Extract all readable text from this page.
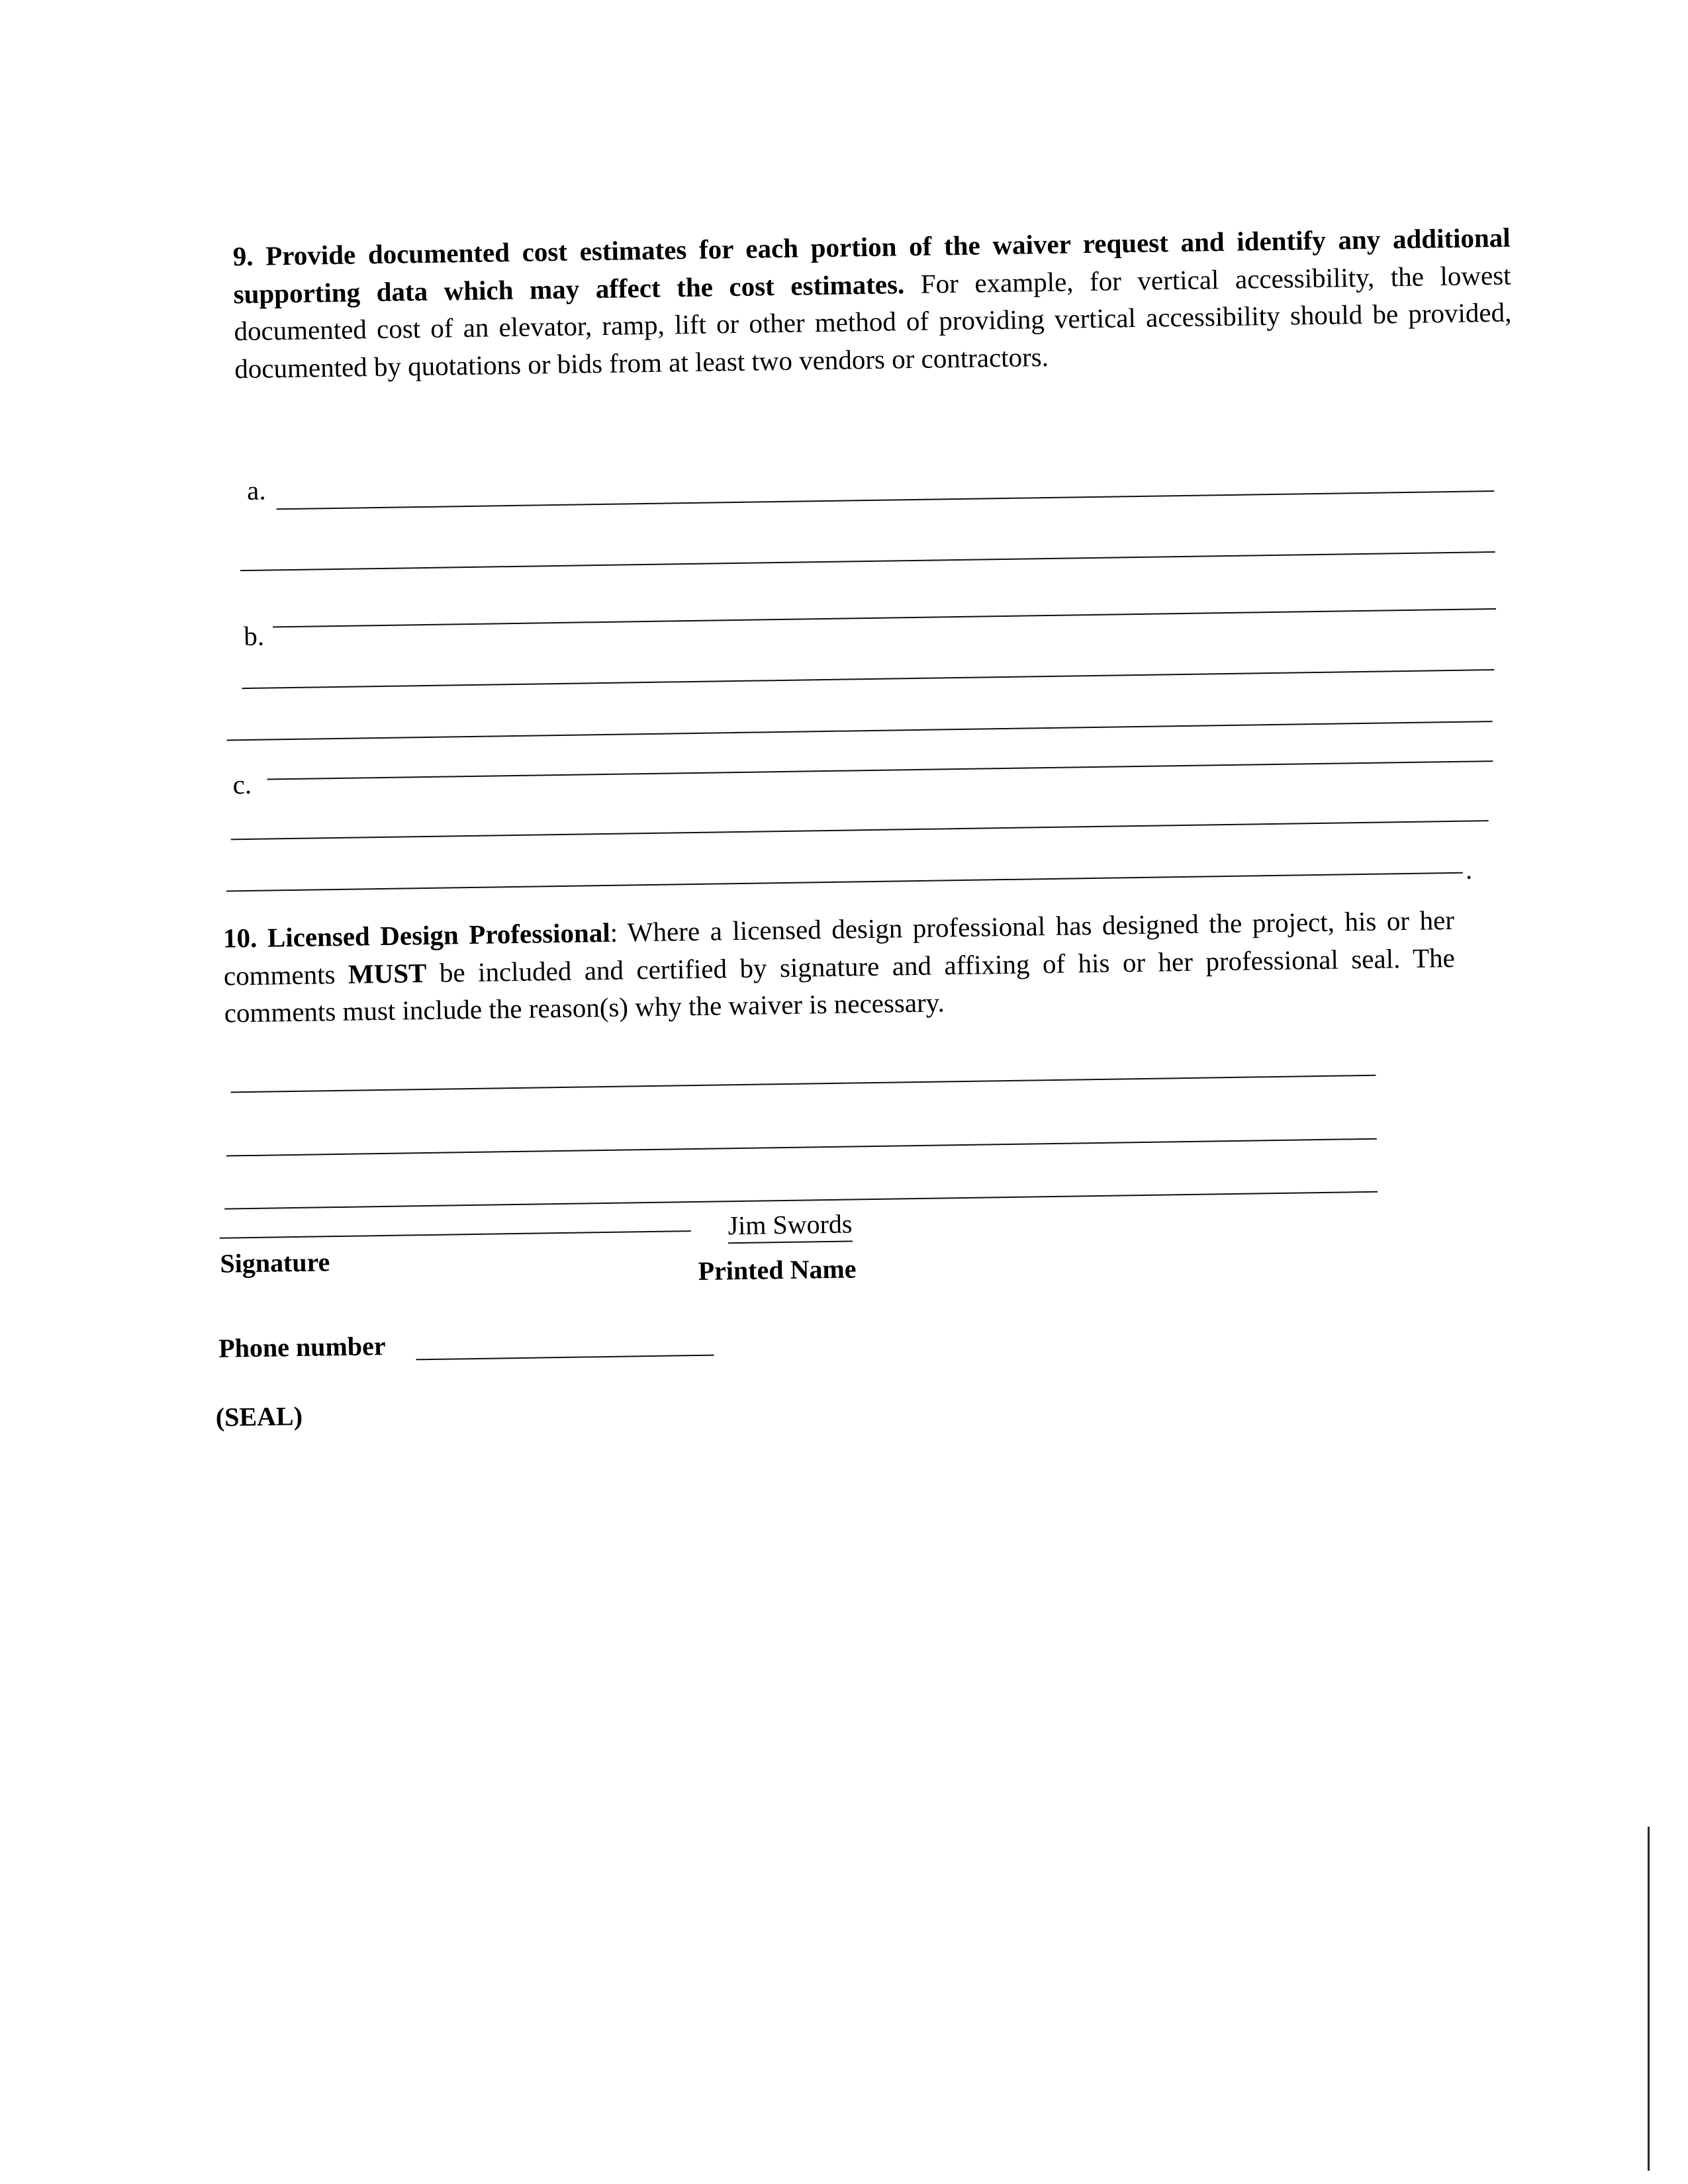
9. Provide documented cost estimates for each portion of the waiver request and identify any additional supporting data which may affect the cost estimates. For example, for vertical accessibility, the lowest documented cost of an elevator, ramp, lift or other method of providing vertical accessibility should be provided, documented by quotations or bids from at least two vendors or contractors.
a.
b.
c.
.
10. Licensed Design Professional: Where a licensed design professional has designed the project, his or her comments MUST be included and certified by signature and affixing of his or her professional seal. The comments must include the reason(s) why the waiver is necessary.
Signature
Jim Swords
Printed Name
Phone number
(SEAL)
